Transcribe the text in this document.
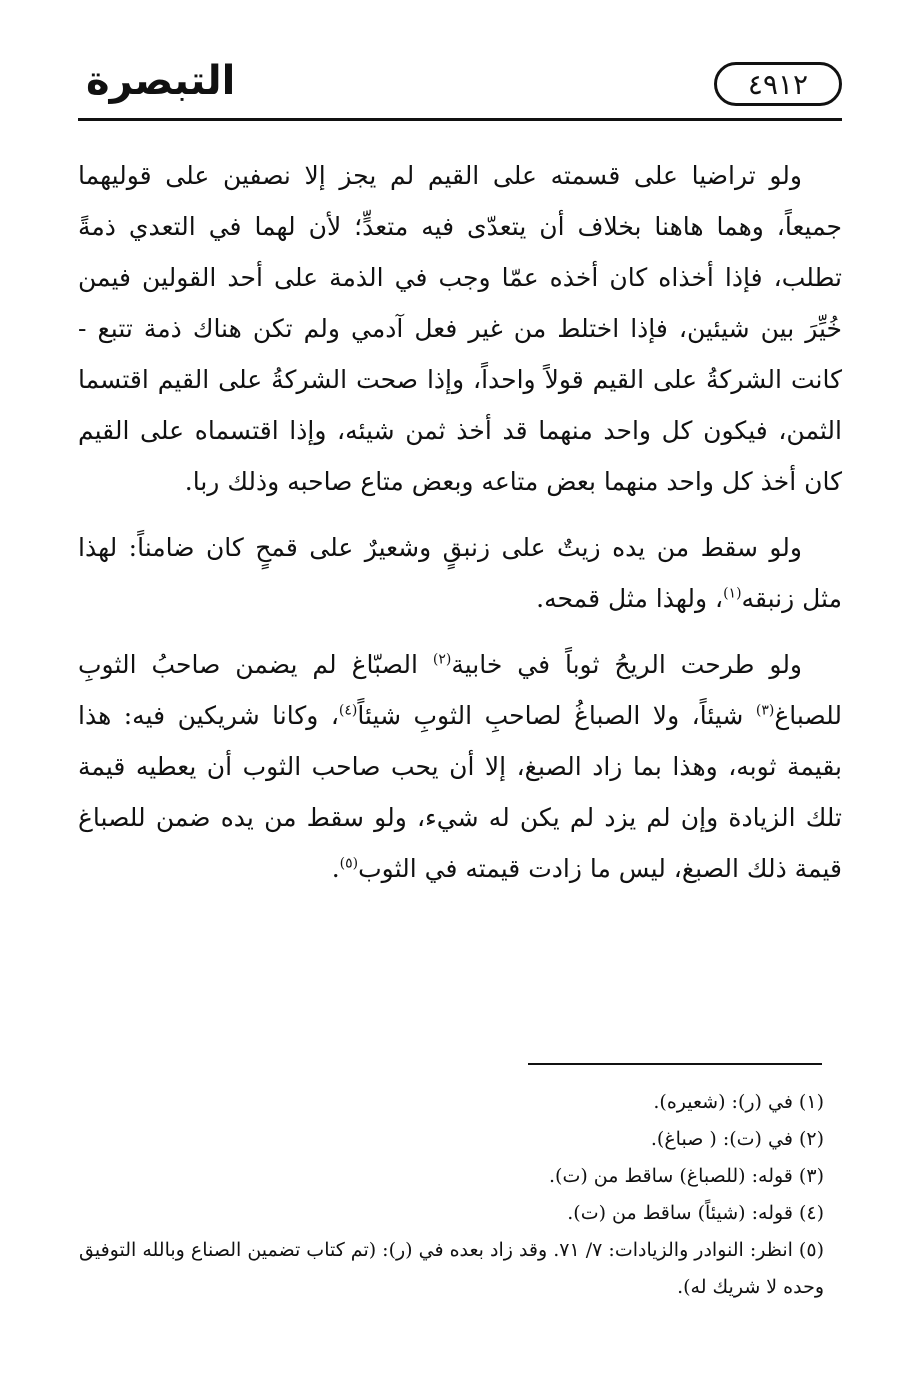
التبصرة	٤٩١٢

ولو تراضيا على قسمته على القيم لم يجز إلا نصفين على قوليهما جميعاً، وهما هاهنا بخلاف أن يتعدّى فيه متعدٍّ؛ لأن لهما في التعدي ذمةً تطلب، فإذا أخذاه كان أخذه عمّا وجب في الذمة على أحد القولين فيمن خُيِّرَ بين شيئين، فإذا اختلط من غير فعل آدمي ولم تكن هناك ذمة تتبع - كانت الشركةُ على القيم قولاً واحداً، وإذا صحت الشركةُ على القيم اقتسما الثمن، فيكون كل واحد منهما قد أخذ ثمن شيئه، وإذا اقتسماه على القيم كان أخذ كل واحد منهما بعض متاعه وبعض متاع صاحبه وذلك ربا.

ولو سقط من يده زيتٌ على زنبقٍ وشعيرٌ على قمحٍ كان ضامناً: لهذا مثل زنبقه$^{(١)}$، ولهذا مثل قمحه.

ولو طرحت الريحُ ثوباً في خابية$^{(٢)}$ الصبّاغ لم يضمن صاحبُ الثوبِ للصباغ$^{(٣)}$ شيئاً، ولا الصباغُ لصاحبِ الثوبِ شيئاً$^{(٤)}$، وكانا شريكين فيه: هذا بقيمة ثوبه، وهذا بما زاد الصبغ، إلا أن يحب صاحب الثوب أن يعطيه قيمة تلك الزيادة وإن لم يزد لم يكن له شيء، ولو سقط من يده ضمن للصباغ قيمة ذلك الصبغ، ليس ما زادت قيمته في الثوب$^{(٥)}$.

(١) في (ر): (شعيره).
(٢) في (ت): ( صباغ).
(٣) قوله: (للصباغ) ساقط من (ت).
(٤) قوله: (شيئاً) ساقط من (ت).
(٥) انظر: النوادر والزيادات: ٧/ ٧١. وقد زاد بعده في (ر): (تم كتاب تضمين الصناع وبالله التوفيق وحده لا شريك له).
